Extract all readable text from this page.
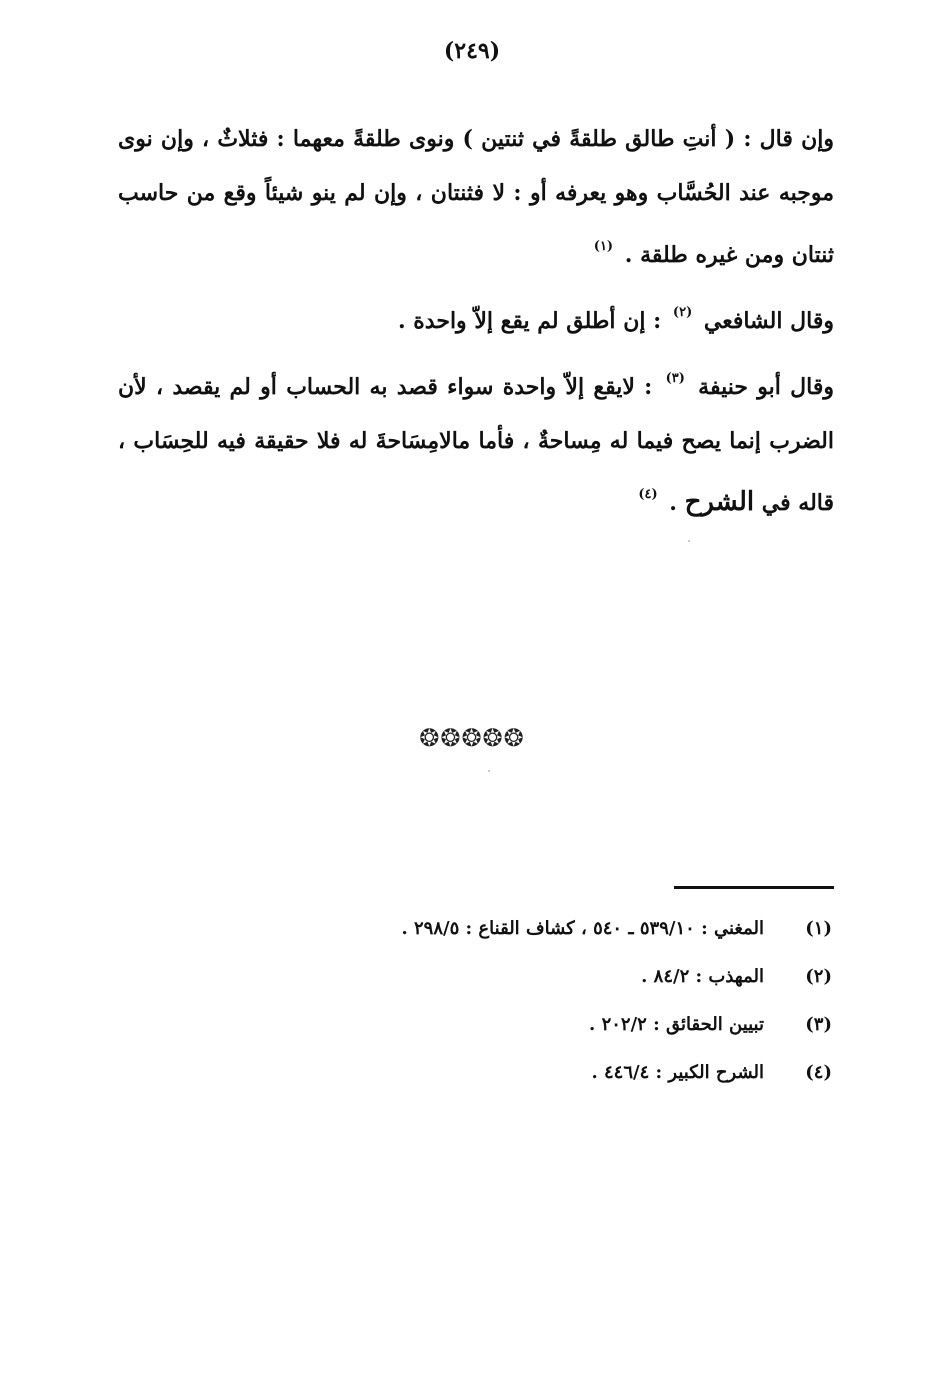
(٢٤٩)

وإن قال : ( أنتِ طالق طلقةً في ثنتين ) ونوى طلقةً معهما : فثلاثٌ ، وإن نوى موجبه عند الحُسَّاب وهو يعرفه أو : لا فثنتان ، وإن لم ينو شيئاً وقع من حاسب ثنتان ومن غيره طلقة . $^{(١)}$

وقال الشافعي $^{(٢)}$ : إن أطلق لم يقع إلاّ واحدة .

وقال أبو حنيفة $^{(٣)}$ : لايقع إلاّ واحدة سواء قصد به الحساب أو لم يقصد ، لأن الضرب إنما يصح فيما له مِساحةٌ ، فأما مالامِسَاحةَ له فلا حقيقة فيه للحِسَاب ، قاله في الشرح . $^{(٤)}$

❂❂❂❂❂
(١)
المغني : ٥٣٩/١٠ ـ ٥٤٠ ، كشاف القناع : ٢٩٨/٥ .
(٢)
المهذب : ٨٤/٢ .
(٣)
تبيين الحقائق : ٢٠٢/٢ .
(٤)
الشرح الكبير : ٤٤٦/٤ .
